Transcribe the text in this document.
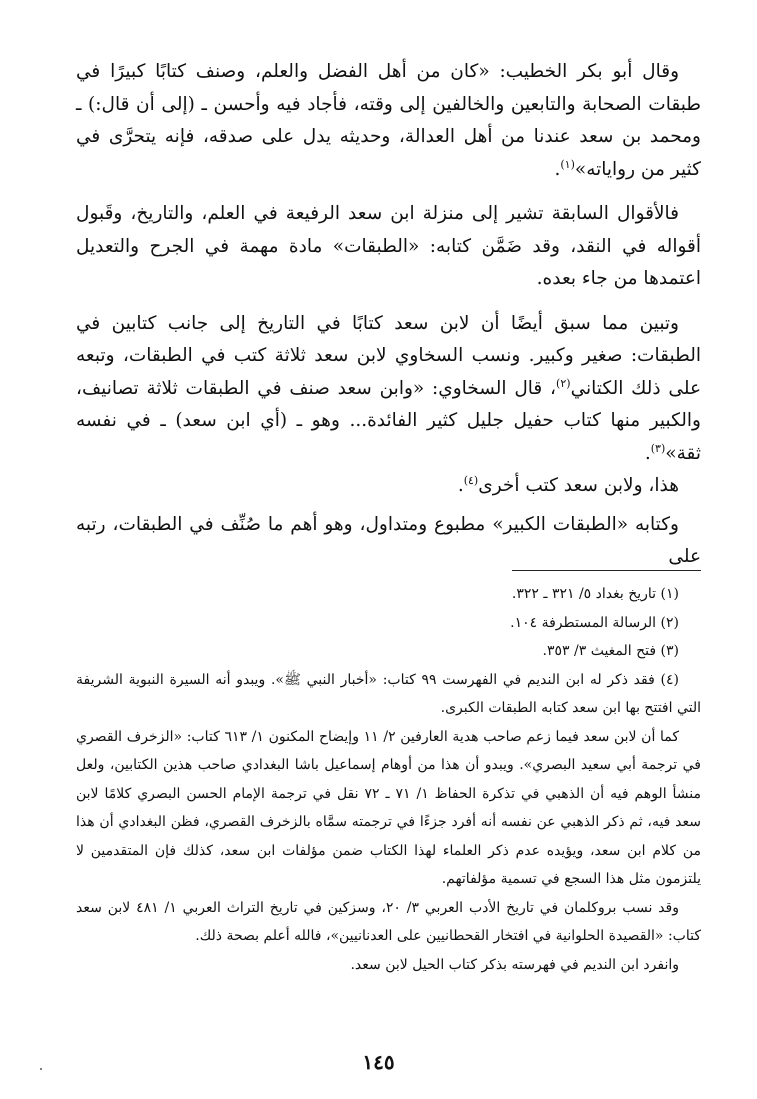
وقال أبو بكر الخطيب: «كان من أهل الفضل والعلم، وصنف كتابًا كبيرًا في طبقات الصحابة والتابعين والخالفين إلى وقته، فأجاد فيه وأحسن ـ (إلى أن قال:) ـ ومحمد بن سعد عندنا من أهل العدالة، وحديثه يدل على صدقه، فإنه يتحرَّى في كثير من رواياته»$^{(١)}$.

فالأقوال السابقة تشير إلى منزلة ابن سعد الرفيعة في العلم، والتاريخ، وقَبول أقواله في النقد، وقد ضَمَّن كتابه: «الطبقات» مادة مهمة في الجرح والتعديل اعتمدها من جاء بعده.

وتبين مما سبق أيضًا أن لابن سعد كتابًا في التاريخ إلى جانب كتابين في الطبقات: صغير وكبير. ونسب السخاوي لابن سعد ثلاثة كتب في الطبقات، وتبعه على ذلك الكتاني$^{(٢)}$، قال السخاوي: «وابن سعد صنف في الطبقات ثلاثة تصانيف، والكبير منها كتاب حفيل جليل كثير الفائدة... وهو ـ (أي ابن سعد) ـ في نفسه ثقة»$^{(٣)}$.

هذا، ولابن سعد كتب أخرى$^{(٤)}$.

وكتابه «الطبقات الكبير» مطبوع ومتداول، وهو أهم ما صُنِّف في الطبقات، رتبه على

(١) تاريخ بغداد ٥/ ٣٢١ ـ ٣٢٢.

(٢) الرسالة المستطرفة ١٠٤.

(٣) فتح المغيث ٣/ ٣٥٣.

(٤) فقد ذكر له ابن النديم في الفهرست ٩٩ كتاب: «أخبار النبي ﷺ». ويبدو أنه السيرة النبوية الشريفة التي افتتح بها ابن سعد كتابه الطبقات الكبرى.

كما أن لابن سعد فيما زعم صاحب هدية العارفين ٢/ ١١ وإيضاح المكنون ١/ ٦١٣ كتاب: «الزخرف القصري في ترجمة أبي سعيد البصري». ويبدو أن هذا من أوهام إسماعيل باشا البغدادي صاحب هذين الكتابين، ولعل منشأ الوهم فيه أن الذهبي في تذكرة الحفاظ ١/ ٧١ ـ ٧٢ نقل في ترجمة الإمام الحسن البصري كلامًا لابن سعد فيه، ثم ذكر الذهبي عن نفسه أنه أفرد جزءًا في ترجمته سمَّاه بالزخرف القصري، فظن البغدادي أن هذا من كلام ابن سعد، ويؤيده عدم ذكر العلماء لهذا الكتاب ضمن مؤلفات ابن سعد، كذلك فإن المتقدمين لا يلتزمون مثل هذا السجع في تسمية مؤلفاتهم.

وقد نسب بروكلمان في تاريخ الأدب العربي ٣/ ٢٠، وسزكين في تاريخ التراث العربي ١/ ٤٨١ لابن سعد كتاب: «القصيدة الحلوانية في افتخار القحطانيين على العدنانيين»، فالله أعلم بصحة ذلك.

وانفرد ابن النديم في فهرسته بذكر كتاب الحيل لابن سعد.

١٤٥
